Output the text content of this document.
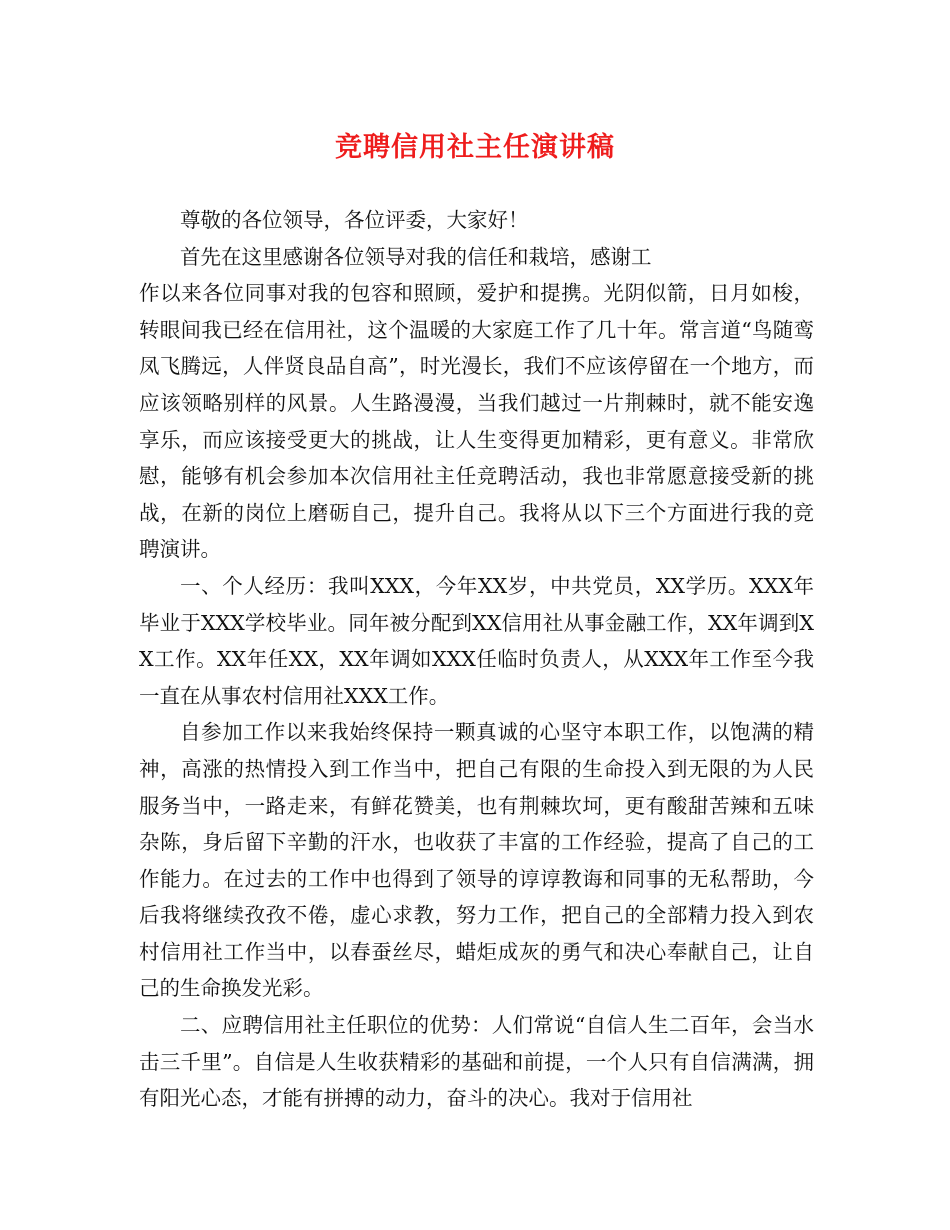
竞聘信用社主任演讲稿

尊敬的各位领导，各位评委，大家好！

首先在这里感谢各位领导对我的信任和栽培，感谢工

作以来各位同事对我的包容和照顾，爱护和提携。光阴似箭，日月如梭，转眼间我已经在信用社，这个温暖的大家庭工作了几十年。常言道“鸟随鸾凤飞腾远，人伴贤良品自高”，时光漫长，我们不应该停留在一个地方，而应该领略别样的风景。人生路漫漫，当我们越过一片荆棘时，就不能安逸享乐，而应该接受更大的挑战，让人生变得更加精彩，更有意义。非常欣慰，能够有机会参加本次信用社主任竞聘活动，我也非常愿意接受新的挑战，在新的岗位上磨砺自己，提升自己。我将从以下三个方面进行我的竞聘演讲。

一、个人经历：我叫XXX，今年XX岁，中共党员，XX学历。XXX年毕业于XXX学校毕业。同年被分配到XX信用社从事金融工作，XX年调到XX工作。XX年任XX，XX年调如XXX任临时负责人，从XXX年工作至今我一直在从事农村信用社XXX工作。

自参加工作以来我始终保持一颗真诚的心坚守本职工作，以饱满的精神，高涨的热情投入到工作当中，把自己有限的生命投入到无限的为人民服务当中，一路走来，有鲜花赞美，也有荆棘坎坷，更有酸甜苦辣和五味杂陈，身后留下辛勤的汗水，也收获了丰富的工作经验，提高了自己的工作能力。在过去的工作中也得到了领导的谆谆教诲和同事的无私帮助，今后我将继续孜孜不倦，虚心求教，努力工作，把自己的全部精力投入到农村信用社工作当中，以春蚕丝尽，蜡炬成灰的勇气和决心奉献自己，让自己的生命换发光彩。

二、应聘信用社主任职位的优势：人们常说“自信人生二百年，会当水击三千里”。自信是人生收获精彩的基础和前提，一个人只有自信满满，拥有阳光心态，才能有拼搏的动力，奋斗的决心。我对于信用社
